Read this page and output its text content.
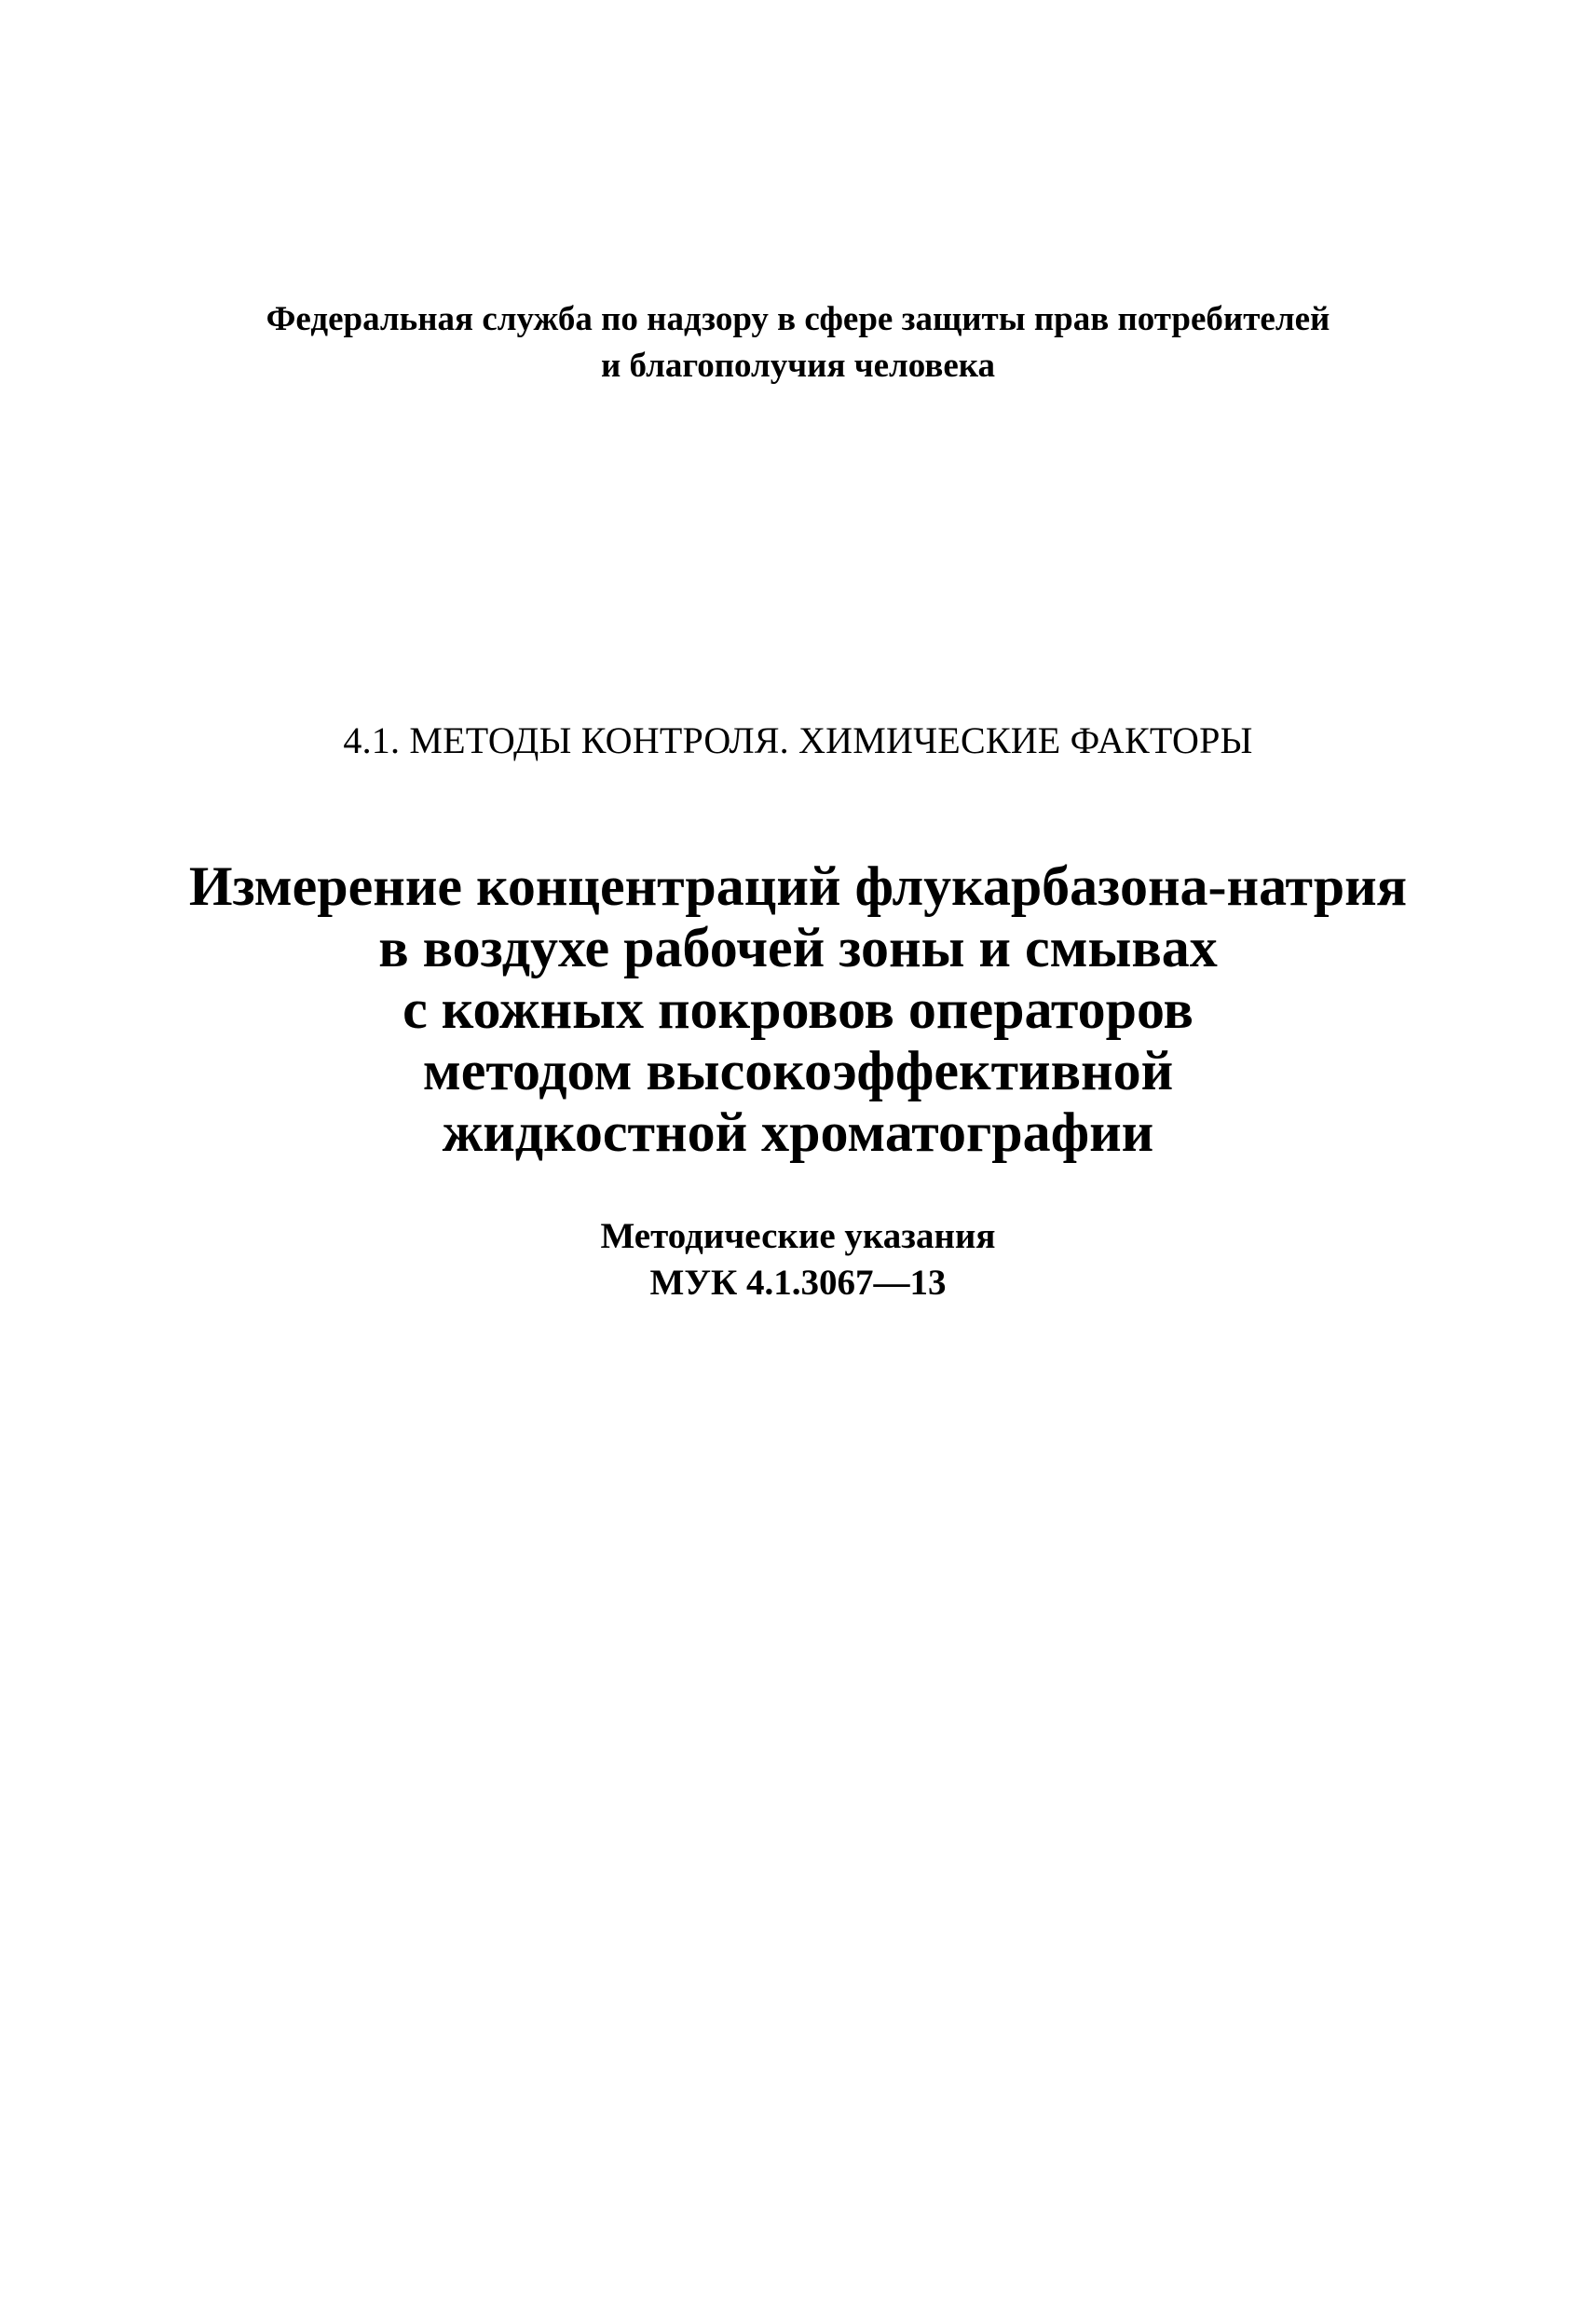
Федеральная служба по надзору в сфере защиты прав потребителей
и благополучия человека
4.1. МЕТОДЫ КОНТРОЛЯ. ХИМИЧЕСКИЕ ФАКТОРЫ
Измерение концентраций флукарбазона-натрия
в воздухе рабочей зоны и смывах
с кожных покровов операторов
методом высокоэффективной
жидкостной хроматографии
Методические указания
МУК 4.1.3067—13
